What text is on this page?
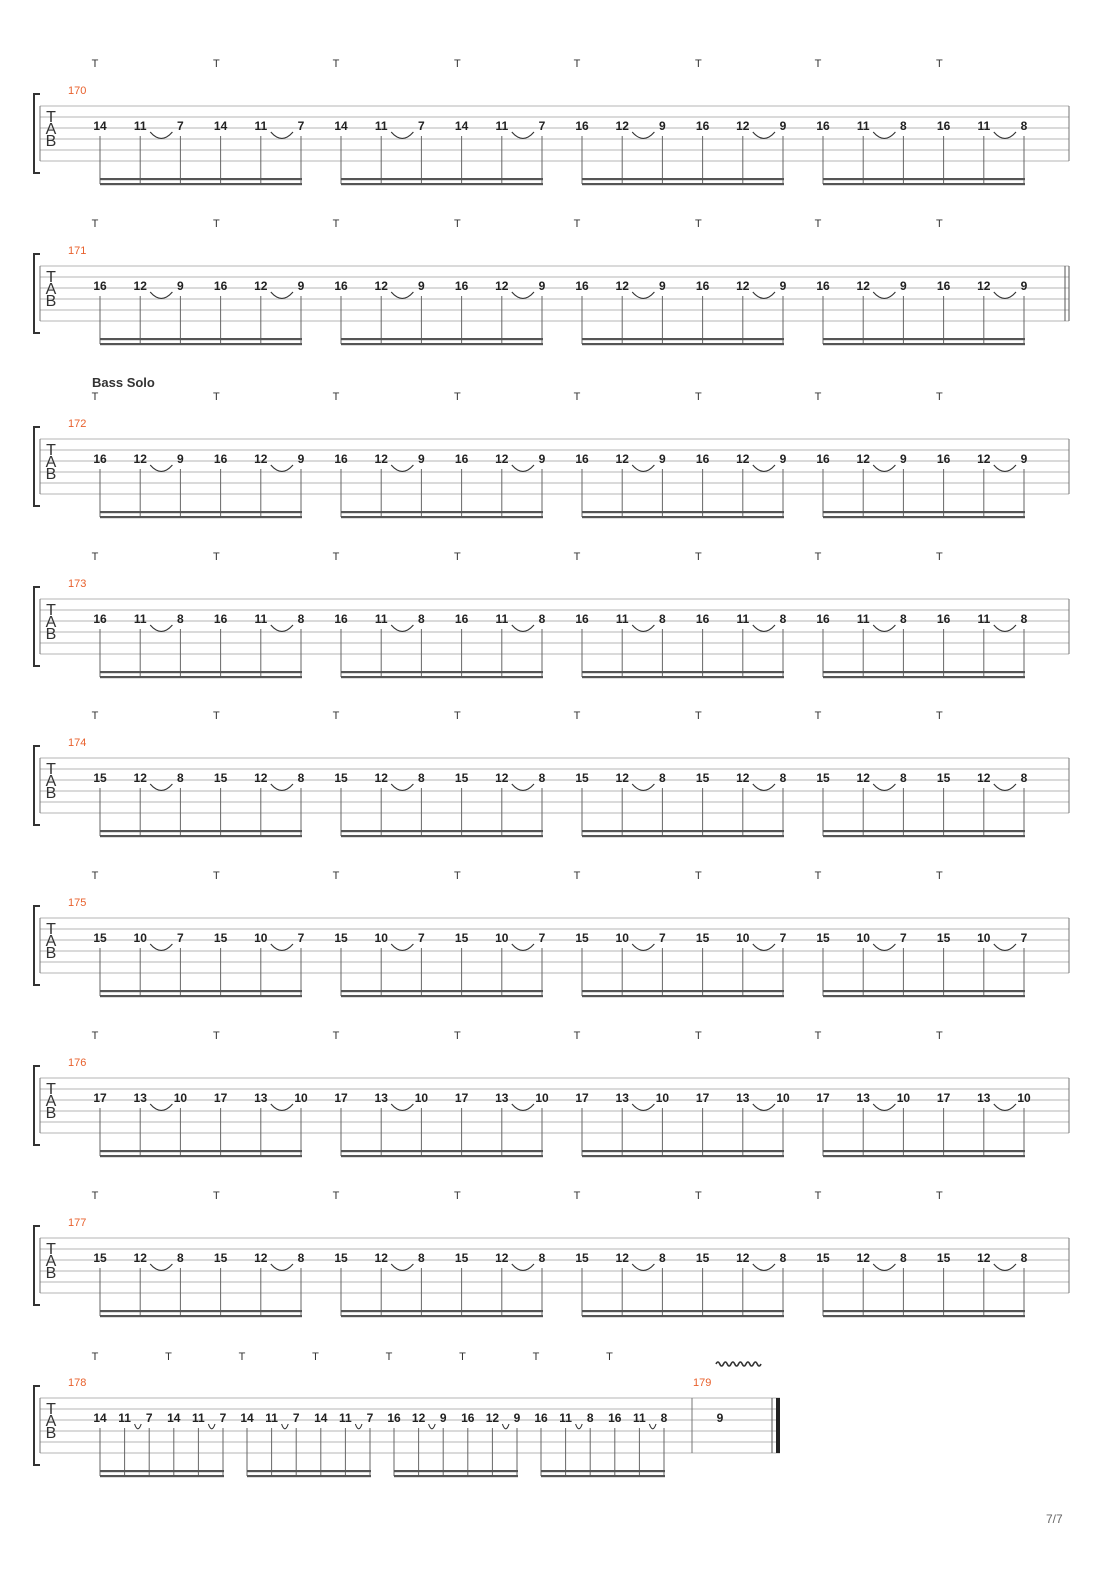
T
A
B
170
T	T	T	T	T	T	T	T
14 11	7	14 11	7 14 11	7	14 11	7 16 12	9	16 12	9 16 11	8	16 11	8
T
A
B
171
T	T	T	T	T	T	T	T
16 12	9	16 12	9 16 12	9	16 12	9 16 12	9	16 12	9 16 12	9	16 12	9
T
A
B
172
Bass Solo
T	T	T	T	T	T	T	T
16 12	9	16 12	9 16 12	9	16 12	9 16 12	9	16 12	9 16 12	9	16 12	9
T
A
B
173
T	T	T	T	T	T	T	T
16 11	8	16 11	8 16 11	8	16 11	8 16 11	8	16 11	8 16 11	8	16 11	8
T
A
B
174
T	T	T	T	T	T	T	T
15 12	8	15 12	8 15 12	8	15 12	8 15 12	8	15 12	8 15 12	8	15 12	8
T
A
B
175
T	T	T	T	T	T	T	T
15 10	7	15 10	7 15 10	7	15 10	7 15 10	7	15 10	7 15 10	7	15 10	7
T
A
B
176
T	T	T	T	T	T	T	T
17 13 10 17 13 10 17 13 10 17 13 10 17 13 10 17 13 10 17 13 10 17 13 10
T
A
B
177
T	T	T	T	T	T	T	T
15 12	8	15 12	8 15 12	8	15 12	8 15 12	8	15 12	8 15 12	8	15 12	8
T
A
B
178
T	T	T	T	T	T	T	T
14 11 7 14 11 7 14 11 7 14 11 7 16 12 9 16 12 9 16 11 8 16 11 8
179
9
7/7
